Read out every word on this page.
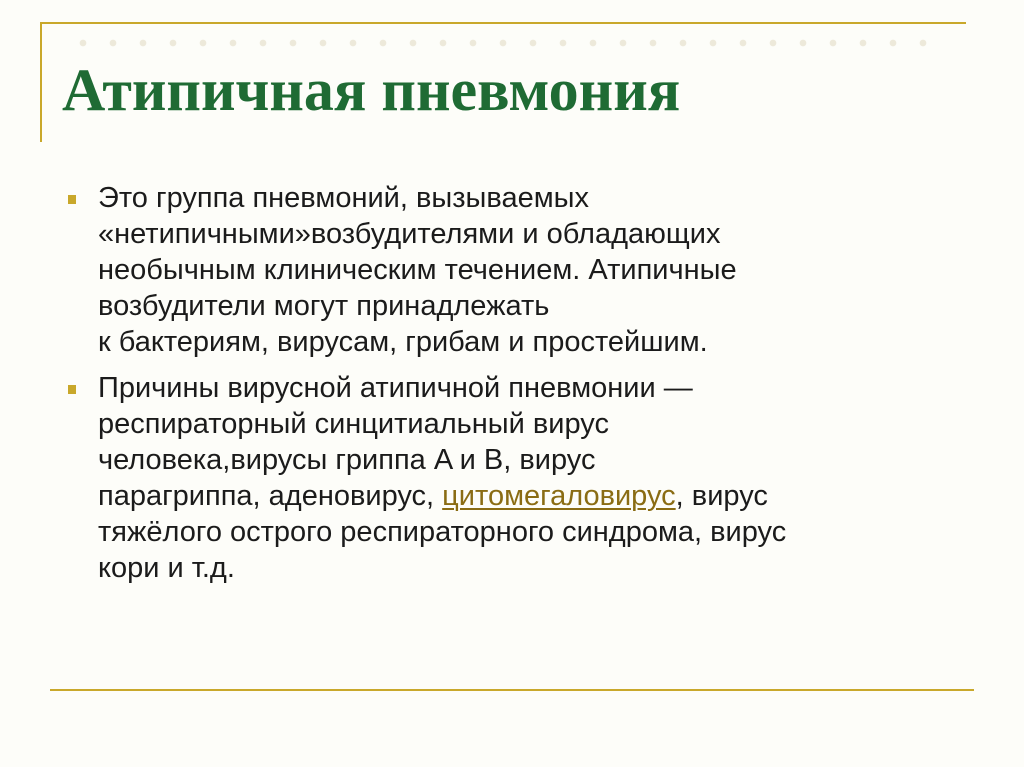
Атипичная пневмония
Это группа пневмоний, вызываемых
«нетипичными»возбудителями и обладающих
необычным клиническим течением. Атипичные
возбудители могут принадлежать
к бактериям, вирусам, грибам и простейшим.
Причины вирусной атипичной пневмонии —
респираторный синцитиальный вирус
человека,вирусы гриппа A и B, вирус
парагриппа, аденовирус, цитомегаловирус, вирус
тяжёлого острого респираторного синдрома, вирус
кори и т.д.
